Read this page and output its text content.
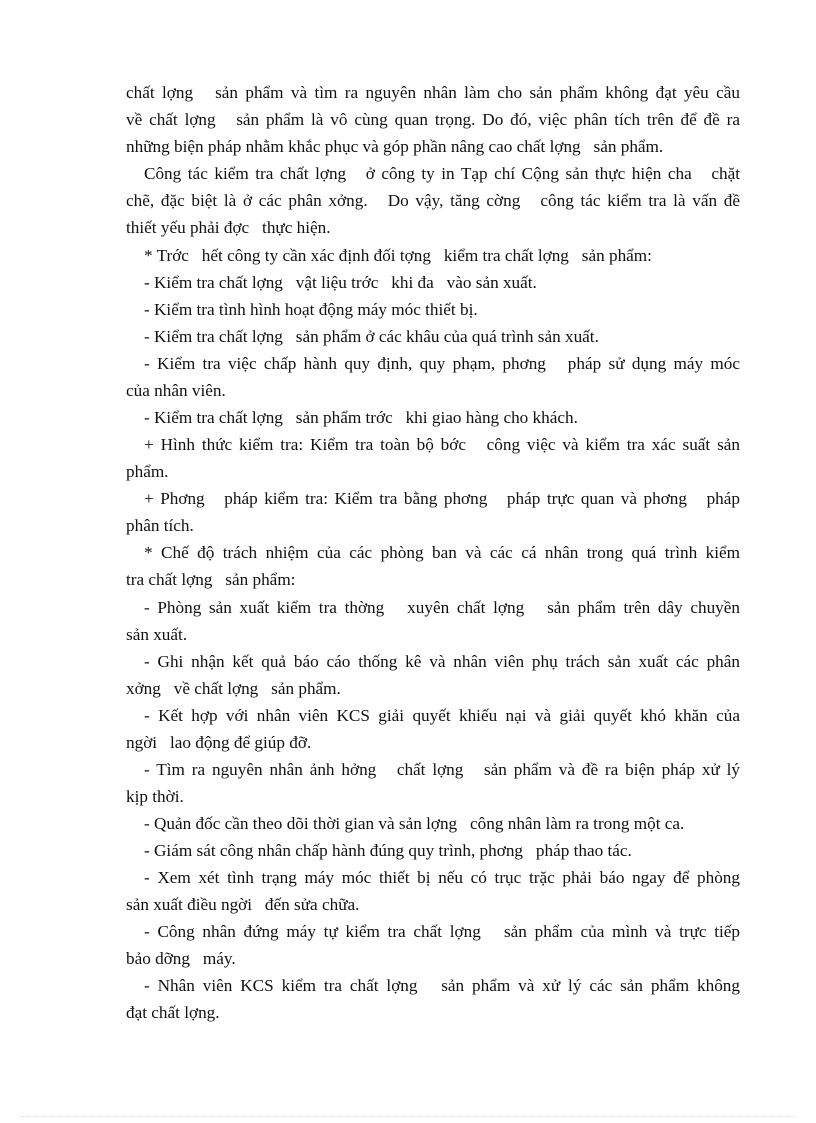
chất lợng   sản phẩm và tìm ra nguyên nhân làm cho sản phẩm không đạt yêu cầu
về chất lợng   sản phẩm là vô cùng quan trọng. Do đó, việc phân tích trên để đề ra
những biện pháp nhằm khắc phục và góp phần nâng cao chất lợng   sản phẩm.
Công tác kiểm tra chất lợng   ở công ty in Tạp chí Cộng sản thực hiện cha   chặt
chẽ, đặc biệt là ở các phân xởng.   Do vậy, tăng cờng   công tác kiểm tra là vấn đề
thiết yếu phải đợc   thực hiện.
* Trớc   hết công ty cần xác định đối tợng   kiểm tra chất lợng   sản phẩm:
- Kiểm tra chất lợng   vật liệu trớc   khi đa   vào sản xuất.
- Kiểm tra tình hình hoạt động máy móc thiết bị.
- Kiểm tra chất lợng   sản phẩm ở các khâu của quá trình sản xuất.
- Kiểm tra việc chấp hành quy định, quy phạm, phơng   pháp sử dụng máy móc
của nhân viên.
- Kiểm tra chất lợng   sản phẩm trớc   khi giao hàng cho khách.
+ Hình thức kiểm tra: Kiểm tra toàn bộ bớc   công việc và kiểm tra xác suất sản
phẩm.
+ Phơng   pháp kiểm tra: Kiểm tra bằng phơng   pháp trực quan và phơng   pháp
phân tích.
* Chế độ trách nhiệm của các phòng ban và các cá nhân trong quá trình kiểm
tra chất lợng   sản phẩm:
- Phòng sản xuất kiểm tra thờng   xuyên chất lợng   sản phẩm trên dây chuyền
sản xuất.
- Ghi nhận kết quả báo cáo thống kê và nhân viên phụ trách sản xuất các phân
xởng   về chất lợng   sản phẩm.
- Kết hợp với nhân viên KCS giải quyết khiếu nại và giải quyết khó khăn của
ngời   lao động để giúp đỡ.
- Tìm ra nguyên nhân ảnh hởng   chất lợng   sản phẩm và đề ra biện pháp xử lý
kịp thời.
- Quản đốc cần theo dõi thời gian và sản lợng   công nhân làm ra trong một ca.
- Giám sát công nhân chấp hành đúng quy trình, phơng   pháp thao tác.
- Xem xét tình trạng máy móc thiết bị nếu có trục trặc phải báo ngay để phòng
sản xuất điều ngời   đến sửa chữa.
- Công nhân đứng máy tự kiểm tra chất lợng   sản phẩm của mình và trực tiếp
bảo dỡng   máy.
- Nhân viên KCS kiểm tra chất lợng   sản phẩm và xử lý các sản phẩm không
đạt chất lợng.
